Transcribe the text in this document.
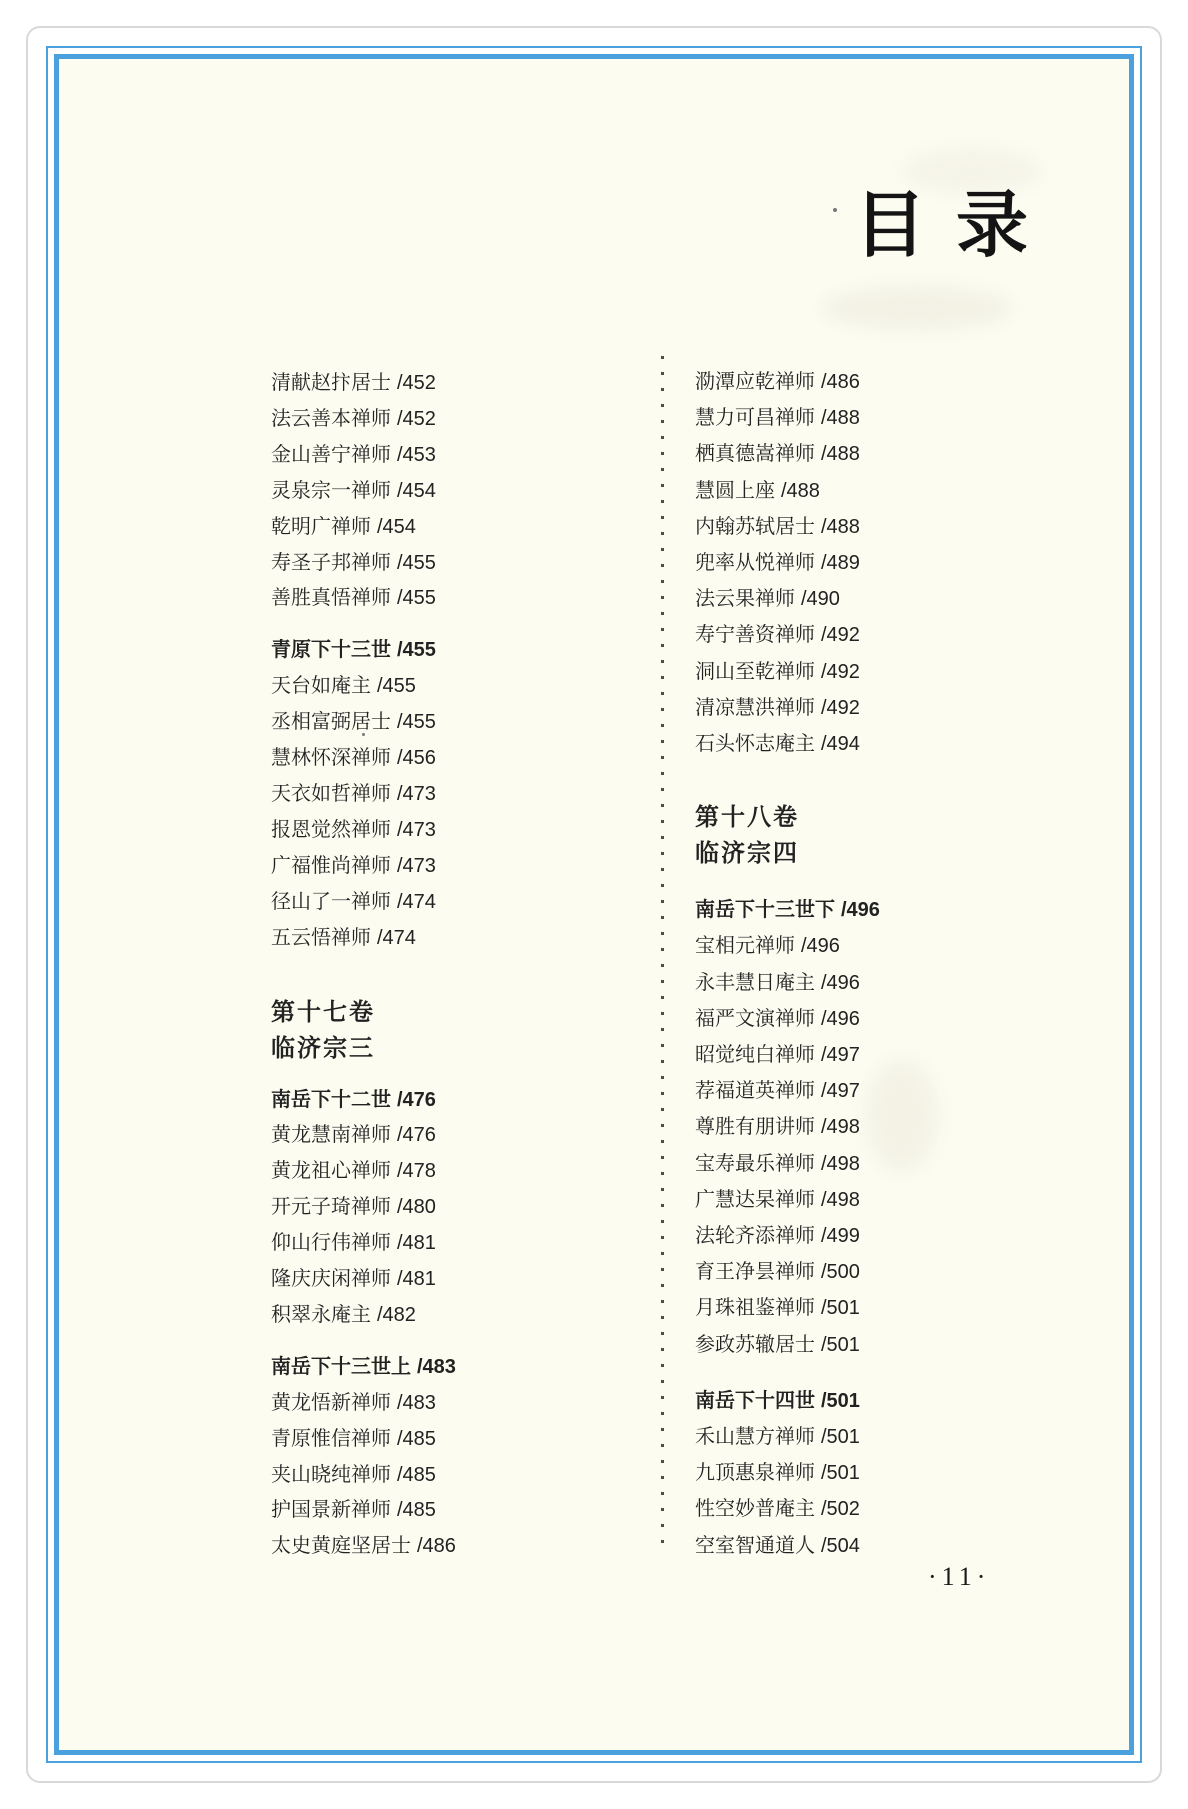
目录
清献赵抃居士 /452
法云善本禅师 /452
金山善宁禅师 /453
灵泉宗一禅师 /454
乾明广禅师 /454
寿圣子邦禅师 /455
善胜真悟禅师 /455
青原下十三世 /455
天台如庵主 /455
丞相富弼居士 /455
慧林怀深禅师 /456
天衣如哲禅师 /473
报恩觉然禅师 /473
广福惟尚禅师 /473
径山了一禅师 /474
五云悟禅师 /474
第十七卷
临济宗三
南岳下十二世 /476
黄龙慧南禅师 /476
黄龙祖心禅师 /478
开元子琦禅师 /480
仰山行伟禅师 /481
隆庆庆闲禅师 /481
积翠永庵主 /482
南岳下十三世上 /483
黄龙悟新禅师 /483
青原惟信禅师 /485
夹山晓纯禅师 /485
护国景新禅师 /485
太史黄庭坚居士 /486
泐潭应乾禅师 /486
慧力可昌禅师 /488
栖真德嵩禅师 /488
慧圆上座 /488
内翰苏轼居士 /488
兜率从悦禅师 /489
法云果禅师 /490
寿宁善资禅师 /492
洞山至乾禅师 /492
清凉慧洪禅师 /492
石头怀志庵主 /494
第十八卷
临济宗四
南岳下十三世下 /496
宝相元禅师 /496
永丰慧日庵主 /496
福严文演禅师 /496
昭觉纯白禅师 /497
荐福道英禅师 /497
尊胜有朋讲师 /498
宝寿最乐禅师 /498
广慧达杲禅师 /498
法轮齐添禅师 /499
育王净昙禅师 /500
月珠祖鉴禅师 /501
参政苏辙居士 /501
南岳下十四世 /501
禾山慧方禅师 /501
九顶惠泉禅师 /501
性空妙普庵主 /502
空室智通道人 /504
·11·
